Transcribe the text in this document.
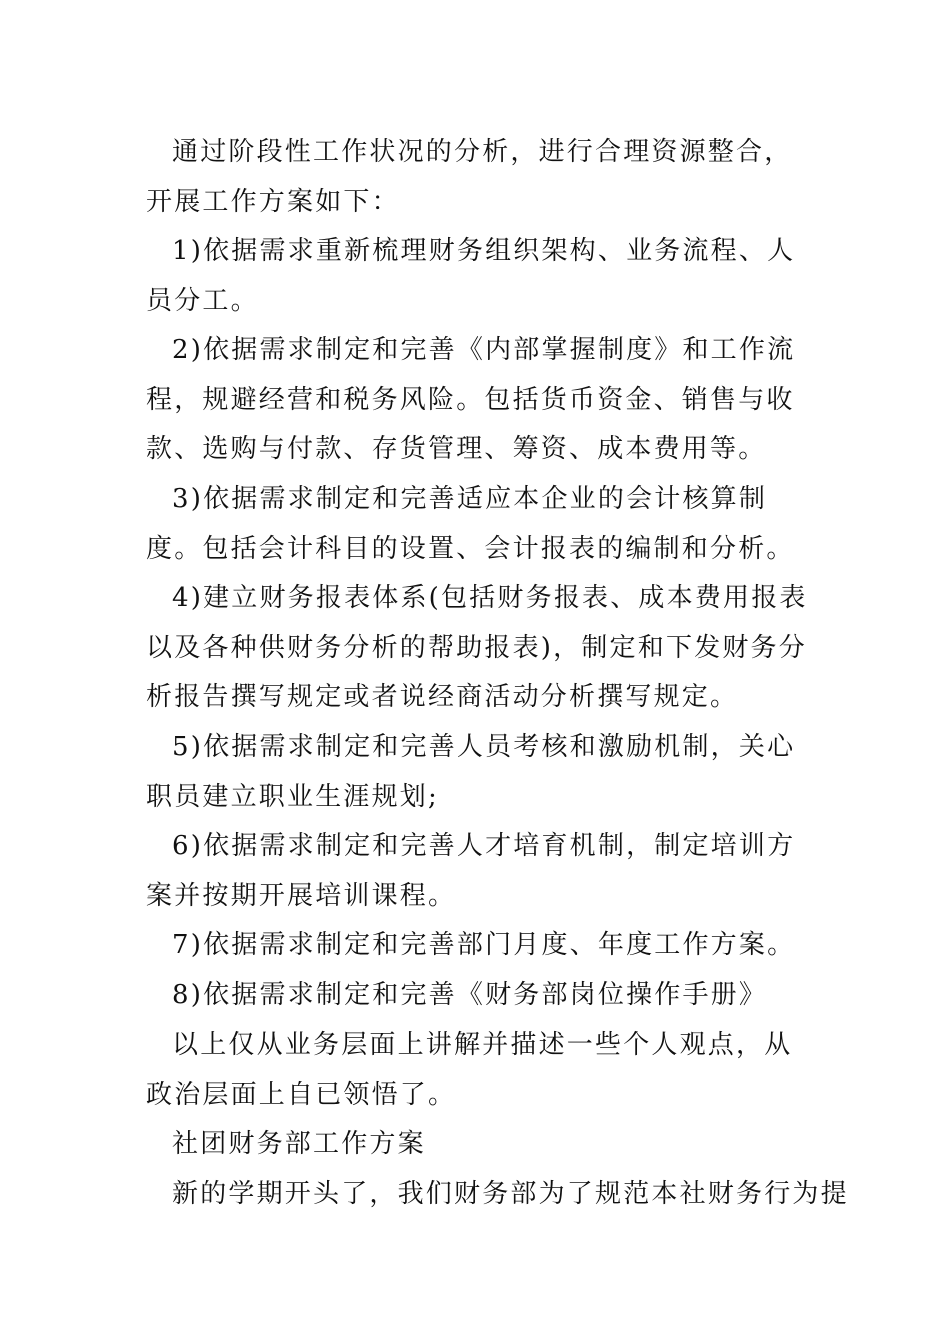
通过阶段性工作状况的分析，进行合理资源整合，开展工作方案如下：

1)依据需求重新梳理财务组织架构、业务流程、人员分工。

2)依据需求制定和完善《内部掌握制度》和工作流程，规避经营和税务风险。包括货币资金、销售与收款、选购与付款、存货管理、筹资、成本费用等。

3)依据需求制定和完善适应本企业的会计核算制度。包括会计科目的设置、会计报表的编制和分析。

4)建立财务报表体系(包括财务报表、成本费用报表以及各种供财务分析的帮助报表)，制定和下发财务分析报告撰写规定或者说经商活动分析撰写规定。

5)依据需求制定和完善人员考核和激励机制，关心职员建立职业生涯规划;

6)依据需求制定和完善人才培育机制，制定培训方案并按期开展培训课程。

7)依据需求制定和完善部门月度、年度工作方案。

8)依据需求制定和完善《财务部岗位操作手册》

以上仅从业务层面上讲解并描述一些个人观点，从政治层面上自已领悟了。

社团财务部工作方案

新的学期开头了，我们财务部为了规范本社财务行为提
